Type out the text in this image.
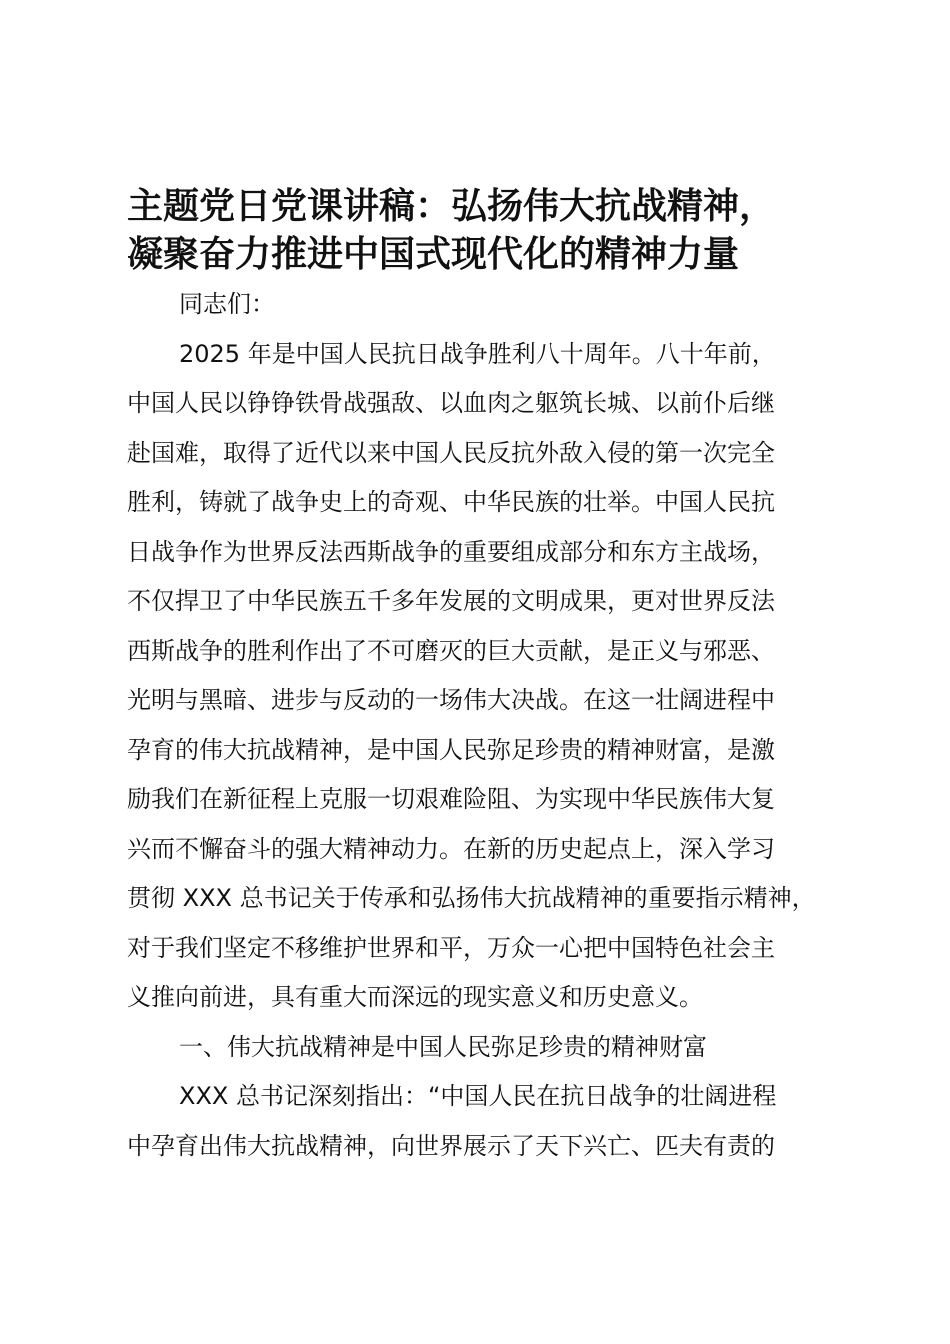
主题党日党课讲稿：弘扬伟大抗战精神，
凝聚奋力推进中国式现代化的精神力量

同志们：

2025 年是中国人民抗日战争胜利八十周年。八十年前，
中国人民以铮铮铁骨战强敌、以血肉之躯筑长城、以前仆后继
赴国难，取得了近代以来中国人民反抗外敌入侵的第一次完全
胜利，铸就了战争史上的奇观、中华民族的壮举。中国人民抗
日战争作为世界反法西斯战争的重要组成部分和东方主战场，
不仅捍卫了中华民族五千多年发展的文明成果，更对世界反法
西斯战争的胜利作出了不可磨灭的巨大贡献，是正义与邪恶、
光明与黑暗、进步与反动的一场伟大决战。在这一壮阔进程中
孕育的伟大抗战精神，是中国人民弥足珍贵的精神财富，是激
励我们在新征程上克服一切艰难险阻、为实现中华民族伟大复
兴而不懈奋斗的强大精神动力。在新的历史起点上，深入学习
贯彻 XXX 总书记关于传承和弘扬伟大抗战精神的重要指示精神，
对于我们坚定不移维护世界和平，万众一心把中国特色社会主
义推向前进，具有重大而深远的现实意义和历史意义。

一、伟大抗战精神是中国人民弥足珍贵的精神财富

XXX 总书记深刻指出：“中国人民在抗日战争的壮阔进程
中孕育出伟大抗战精神，向世界展示了天下兴亡、匹夫有责的
